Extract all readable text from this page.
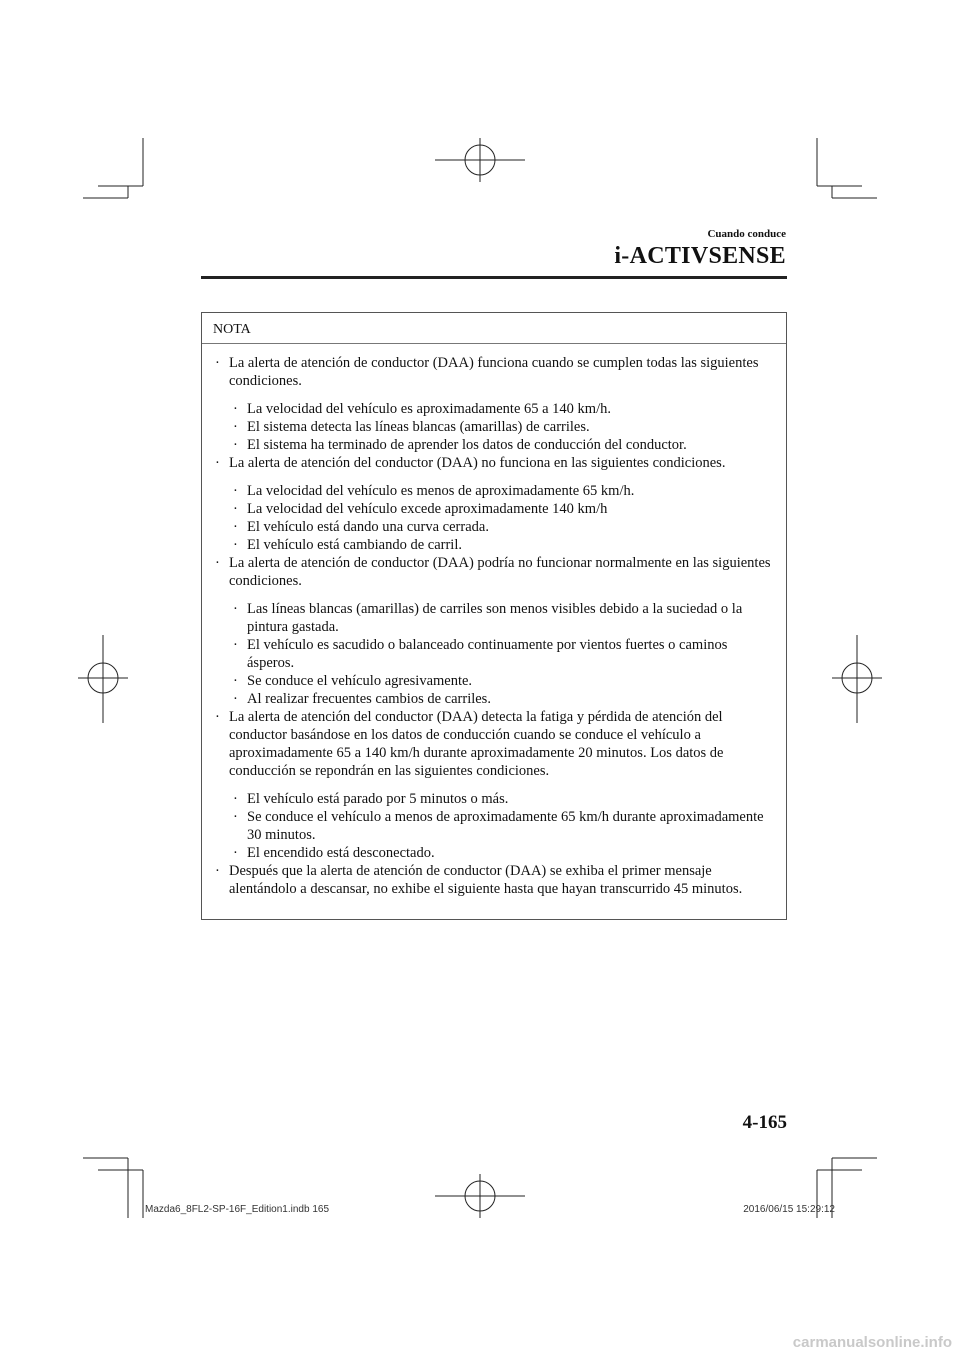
Cuando conduce
i-ACTIVSENSE
NOTA

· La alerta de atención de conductor (DAA) funciona cuando se cumplen todas las siguientes condiciones.

· La velocidad del vehículo es aproximadamente 65 a 140 km/h.

· El sistema detecta las líneas blancas (amarillas) de carriles.

· El sistema ha terminado de aprender los datos de conducción del conductor.

· La alerta de atención del conductor (DAA) no funciona en las siguientes condiciones.

· La velocidad del vehículo es menos de aproximadamente 65 km/h.

· La velocidad del vehículo excede aproximadamente 140 km/h

· El vehículo está dando una curva cerrada.

· El vehículo está cambiando de carril.

· La alerta de atención de conductor (DAA) podría no funcionar normalmente en las siguientes condiciones.

· Las líneas blancas (amarillas) de carriles son menos visibles debido a la suciedad o la pintura gastada.

· El vehículo es sacudido o balanceado continuamente por vientos fuertes o caminos ásperos.

· Se conduce el vehículo agresivamente.

· Al realizar frecuentes cambios de carriles.

· La alerta de atención del conductor (DAA) detecta la fatiga y pérdida de atención del conductor basándose en los datos de conducción cuando se conduce el vehículo a aproximadamente 65 a 140 km/h durante aproximadamente 20 minutos. Los datos de conducción se repondrán en las siguientes condiciones.

· El vehículo está parado por 5 minutos o más.

· Se conduce el vehículo a menos de aproximadamente 65 km/h durante aproximadamente 30 minutos.

· El encendido está desconectado.

· Después que la alerta de atención de conductor (DAA) se exhiba el primer mensaje alentándolo a descansar, no exhibe el siguiente hasta que hayan transcurrido 45 minutos.

4-165
Mazda6_8FL2-SP-16F_Edition1.indb 165	2016/06/15 15:29:12
carmanualsonline.info
